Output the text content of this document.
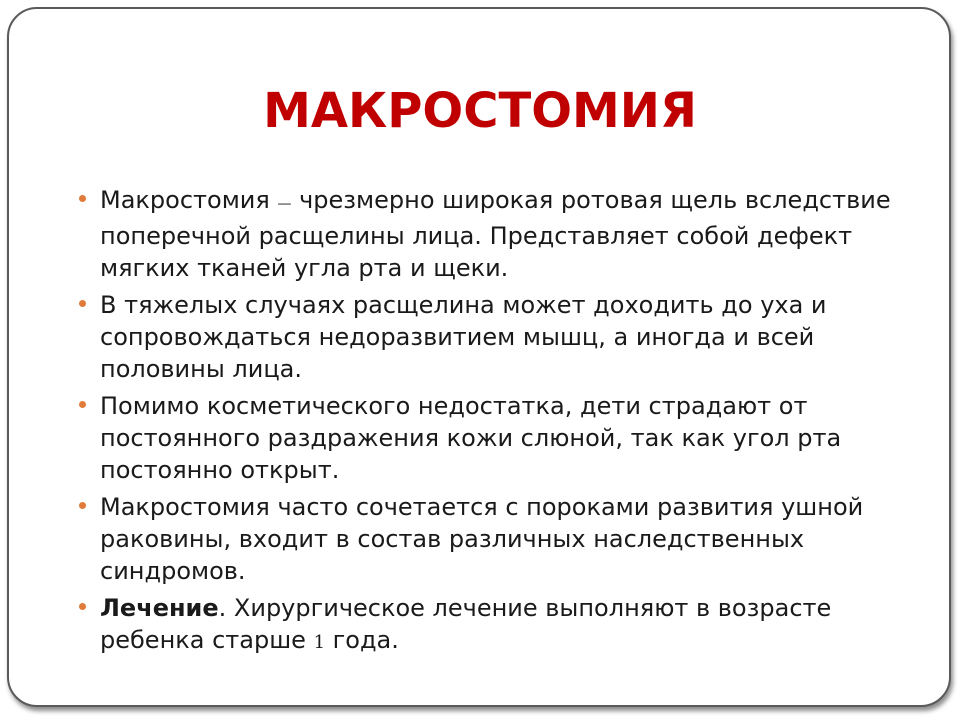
МАКРОСТОМИЯ
Макростомия — чрезмерно широкая ротовая щель вследствие поперечной расщелины лица. Представляет собой дефект мягких тканей угла рта и щеки.
В тяжелых случаях расщелина может доходить до уха и сопровождаться недоразвитием мышц, а иногда и всей половины лица.
Помимо косметического недостатка, дети страдают от постоянного раздражения кожи слюной, так как угол рта постоянно открыт.
Макростомия часто сочетается с пороками развития ушной раковины, входит в состав различных наследственных синдромов.
Лечение. Хирургическое лечение выполняют в возрасте ребенка старше 1 года.
